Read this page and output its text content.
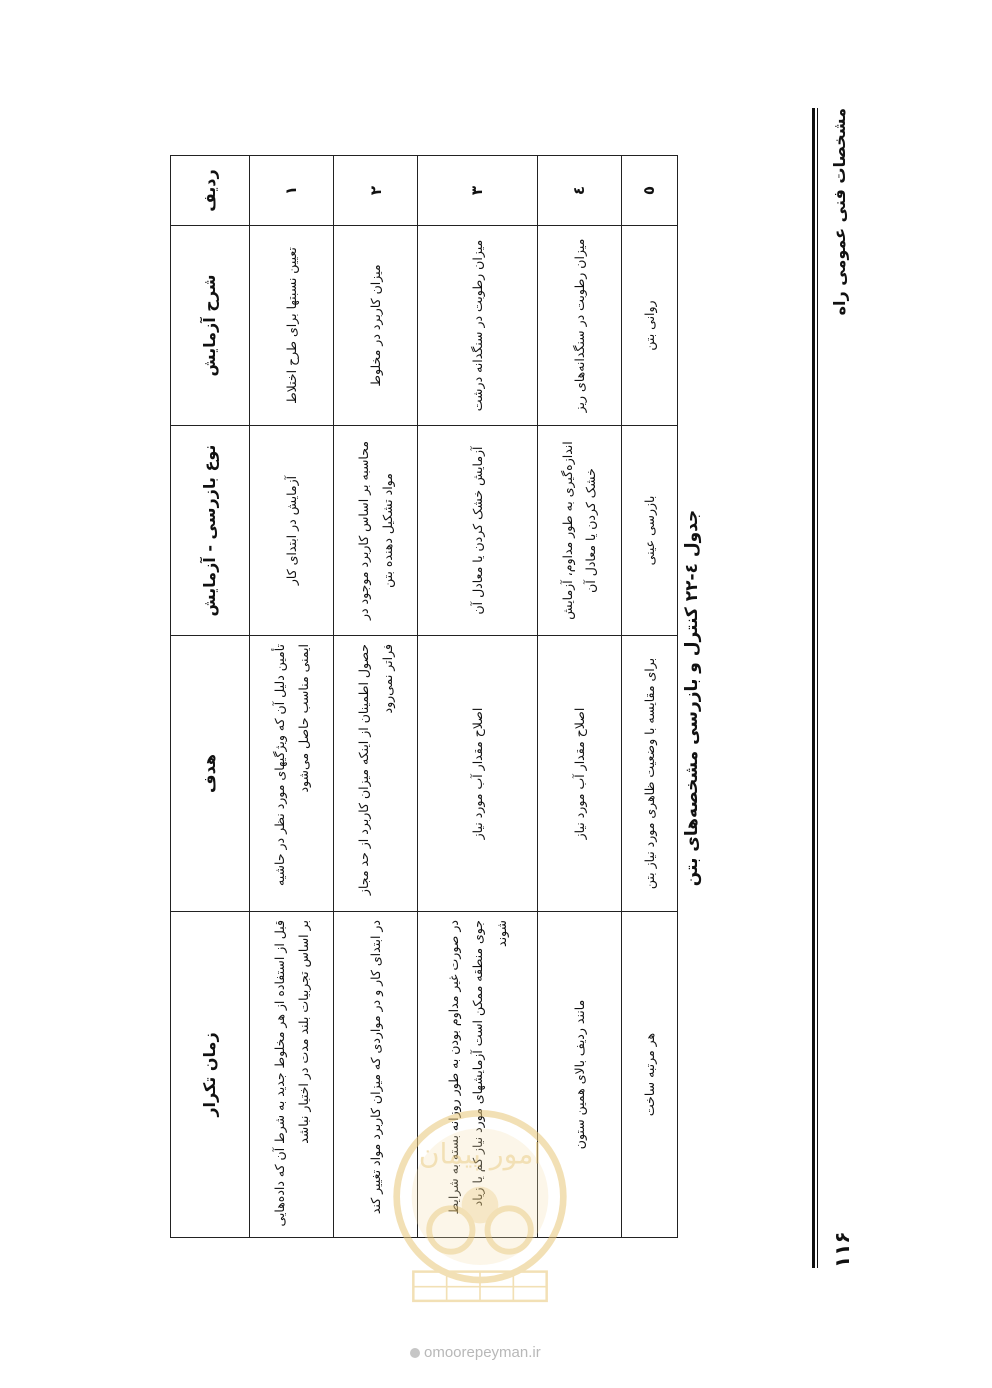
۱۱۶
مشخصات فنی عمومی راه
جدول ٤-٢٢ كنترل و بازرسی مشخصه‌های بتن
ردیف	شرح آزمایش	نوع بازرسی - آزمایش	هدف	زمان تکرار
۱	تعیین نسبتها برای طرح اختلاط	آزمایش در ابتدای کار	تأمین دلیل آن که ویژگیهای مورد نظر در حاشیه ایمنی مناسب حاصل می‌شود	قبل از استفاده از هر مخلوط جدید به شرط آن که داده‌هایی بر اساس تجربیات بلند مدت در اختیار نباشد
۲	میزان کاربرد در مخلوط	محاسبه بر اساس کاربرد موجود در مواد تشکیل دهنده بتن	حصول اطمینان از اینکه میزان کاربرد از حد مجاز فراتر نمی‌رود	در ابتدای کار و در مواردی که میزان کاربرد مواد تغییر کند
۳	میزان رطوبت در سنگدانه درشت	آزمایش خشک کردن یا معادل آن	اصلاح مقدار آب مورد نیاز	در صورت غیر مداوم بودن به طور روزانه بسته به شرایط جوی منطقه ممکن است آزمایشهای مورد نیاز کم یا زیاد شوند
٤	میزان رطوبت در سنگدانه‌های ریز	اندازه‌گیری به طور مداوم، آزمایش خشک کردن یا معادل آن	اصلاح مقدار آب مورد نیاز	مانند ردیف بالای همین ستون
٥	روانی بتن	بازرسی عینی	برای مقایسه با وضعیت ظاهری مورد نیاز بتن	هر مرتبه ساخت
امور پیمان
omoorepeyman.ir
